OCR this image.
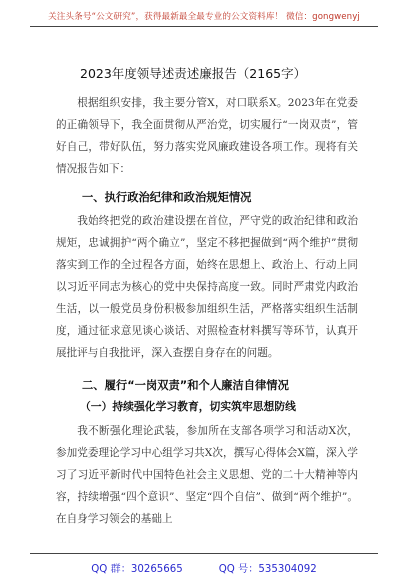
关注头条号“公文研究”，获得最新最全最专业的公文资料库！ 微信：gongwenyj
2023年度领导述责述廉报告（2165字）

根据组织安排，我主要分管X，对口联系X。2023年在党委的正确领导下，我全面贯彻从严治党，切实履行“一岗双责”，管好自己，带好队伍，努力落实党风廉政建设各项工作。现将有关情况报告如下：

一、执行政治纪律和政治规矩情况

我始终把党的政治建设摆在首位，严守党的政治纪律和政治规矩，忠诚拥护“两个确立”，坚定不移把握做到“两个维护”贯彻落实到工作的全过程各方面，始终在思想上、政治上、行动上同以习近平同志为核心的党中央保持高度一致。同时严肃党内政治生活，以一般党员身份积极参加组织生活，严格落实组织生活制度，通过征求意见谈心谈话、对照检查材料撰写等环节，认真开展批评与自我批评，深入查摆自身存在的问题。

二、履行“一岗双责”和个人廉洁自律情况
（一）持续强化学习教育，切实筑牢思想防线

我不断强化理论武装，参加所在支部各项学习和活动X次，参加党委理论学习中心组学习共X次，撰写心得体会X篇，深入学习了习近平新时代中国特色社会主义思想、党的二十大精神等内容，持续增强“四个意识”、坚定“四个自信”、做到“两个维护”。在自身学习领会的基础上

QQ 群：30265665	QQ 号：535304092
